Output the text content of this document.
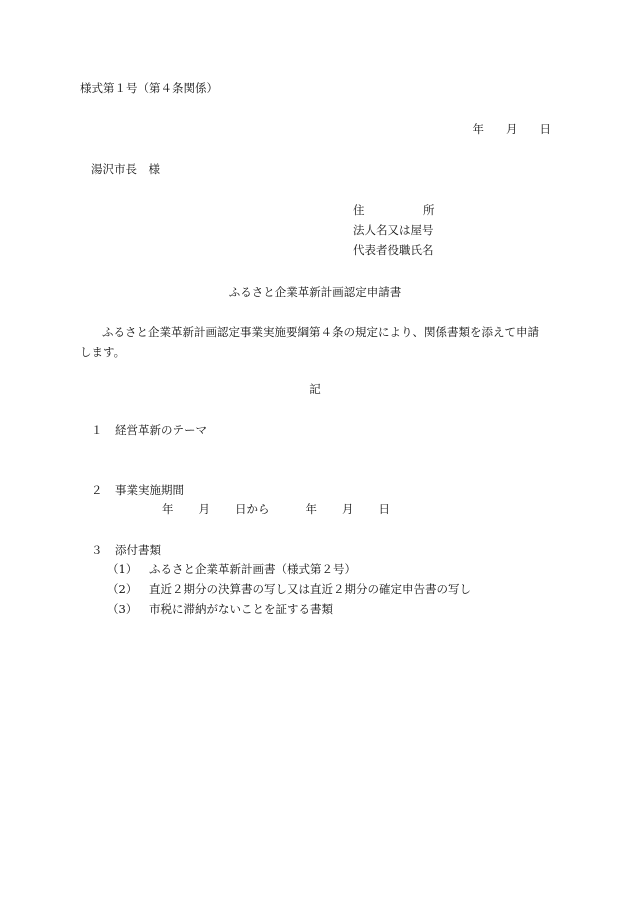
様式第１号（第４条関係）
年 月 日
湯沢市長　様
住	所
法人名又は屋号
代表者役職氏名
ふるさと企業革新計画認定申請書
ふるさと企業革新計画認定事業実施要綱第４条の規定により、関係書類を添えて申請
します。
記
１ 経営革新のテーマ
２ 事業実施期間
年 月 日から	年 月 日
３ 添付書類
（1） ふるさと企業革新計画書（様式第２号）
（2） 直近２期分の決算書の写し又は直近２期分の確定申告書の写し
（3） 市税に滞納がないことを証する書類
